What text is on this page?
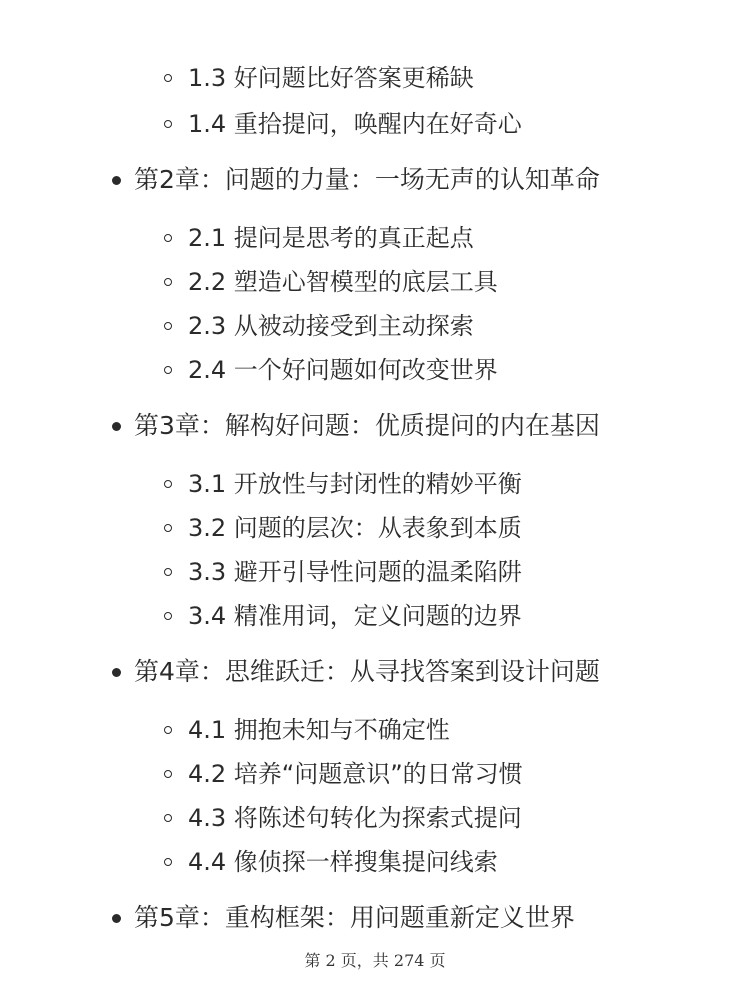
1.3 好问题比好答案更稀缺
1.4 重拾提问，唤醒内在好奇心
第2章：问题的力量：一场无声的认知革命
2.1 提问是思考的真正起点
2.2 塑造心智模型的底层工具
2.3 从被动接受到主动探索
2.4 一个好问题如何改变世界
第3章：解构好问题：优质提问的内在基因
3.1 开放性与封闭性的精妙平衡
3.2 问题的层次：从表象到本质
3.3 避开引导性问题的温柔陷阱
3.4 精准用词，定义问题的边界
第4章：思维跃迁：从寻找答案到设计问题
4.1 拥抱未知与不确定性
4.2 培养“问题意识”的日常习惯
4.3 将陈述句转化为探索式提问
4.4 像侦探一样搜集提问线索
第5章：重构框架：用问题重新定义世界
第 2 页，共 274 页
